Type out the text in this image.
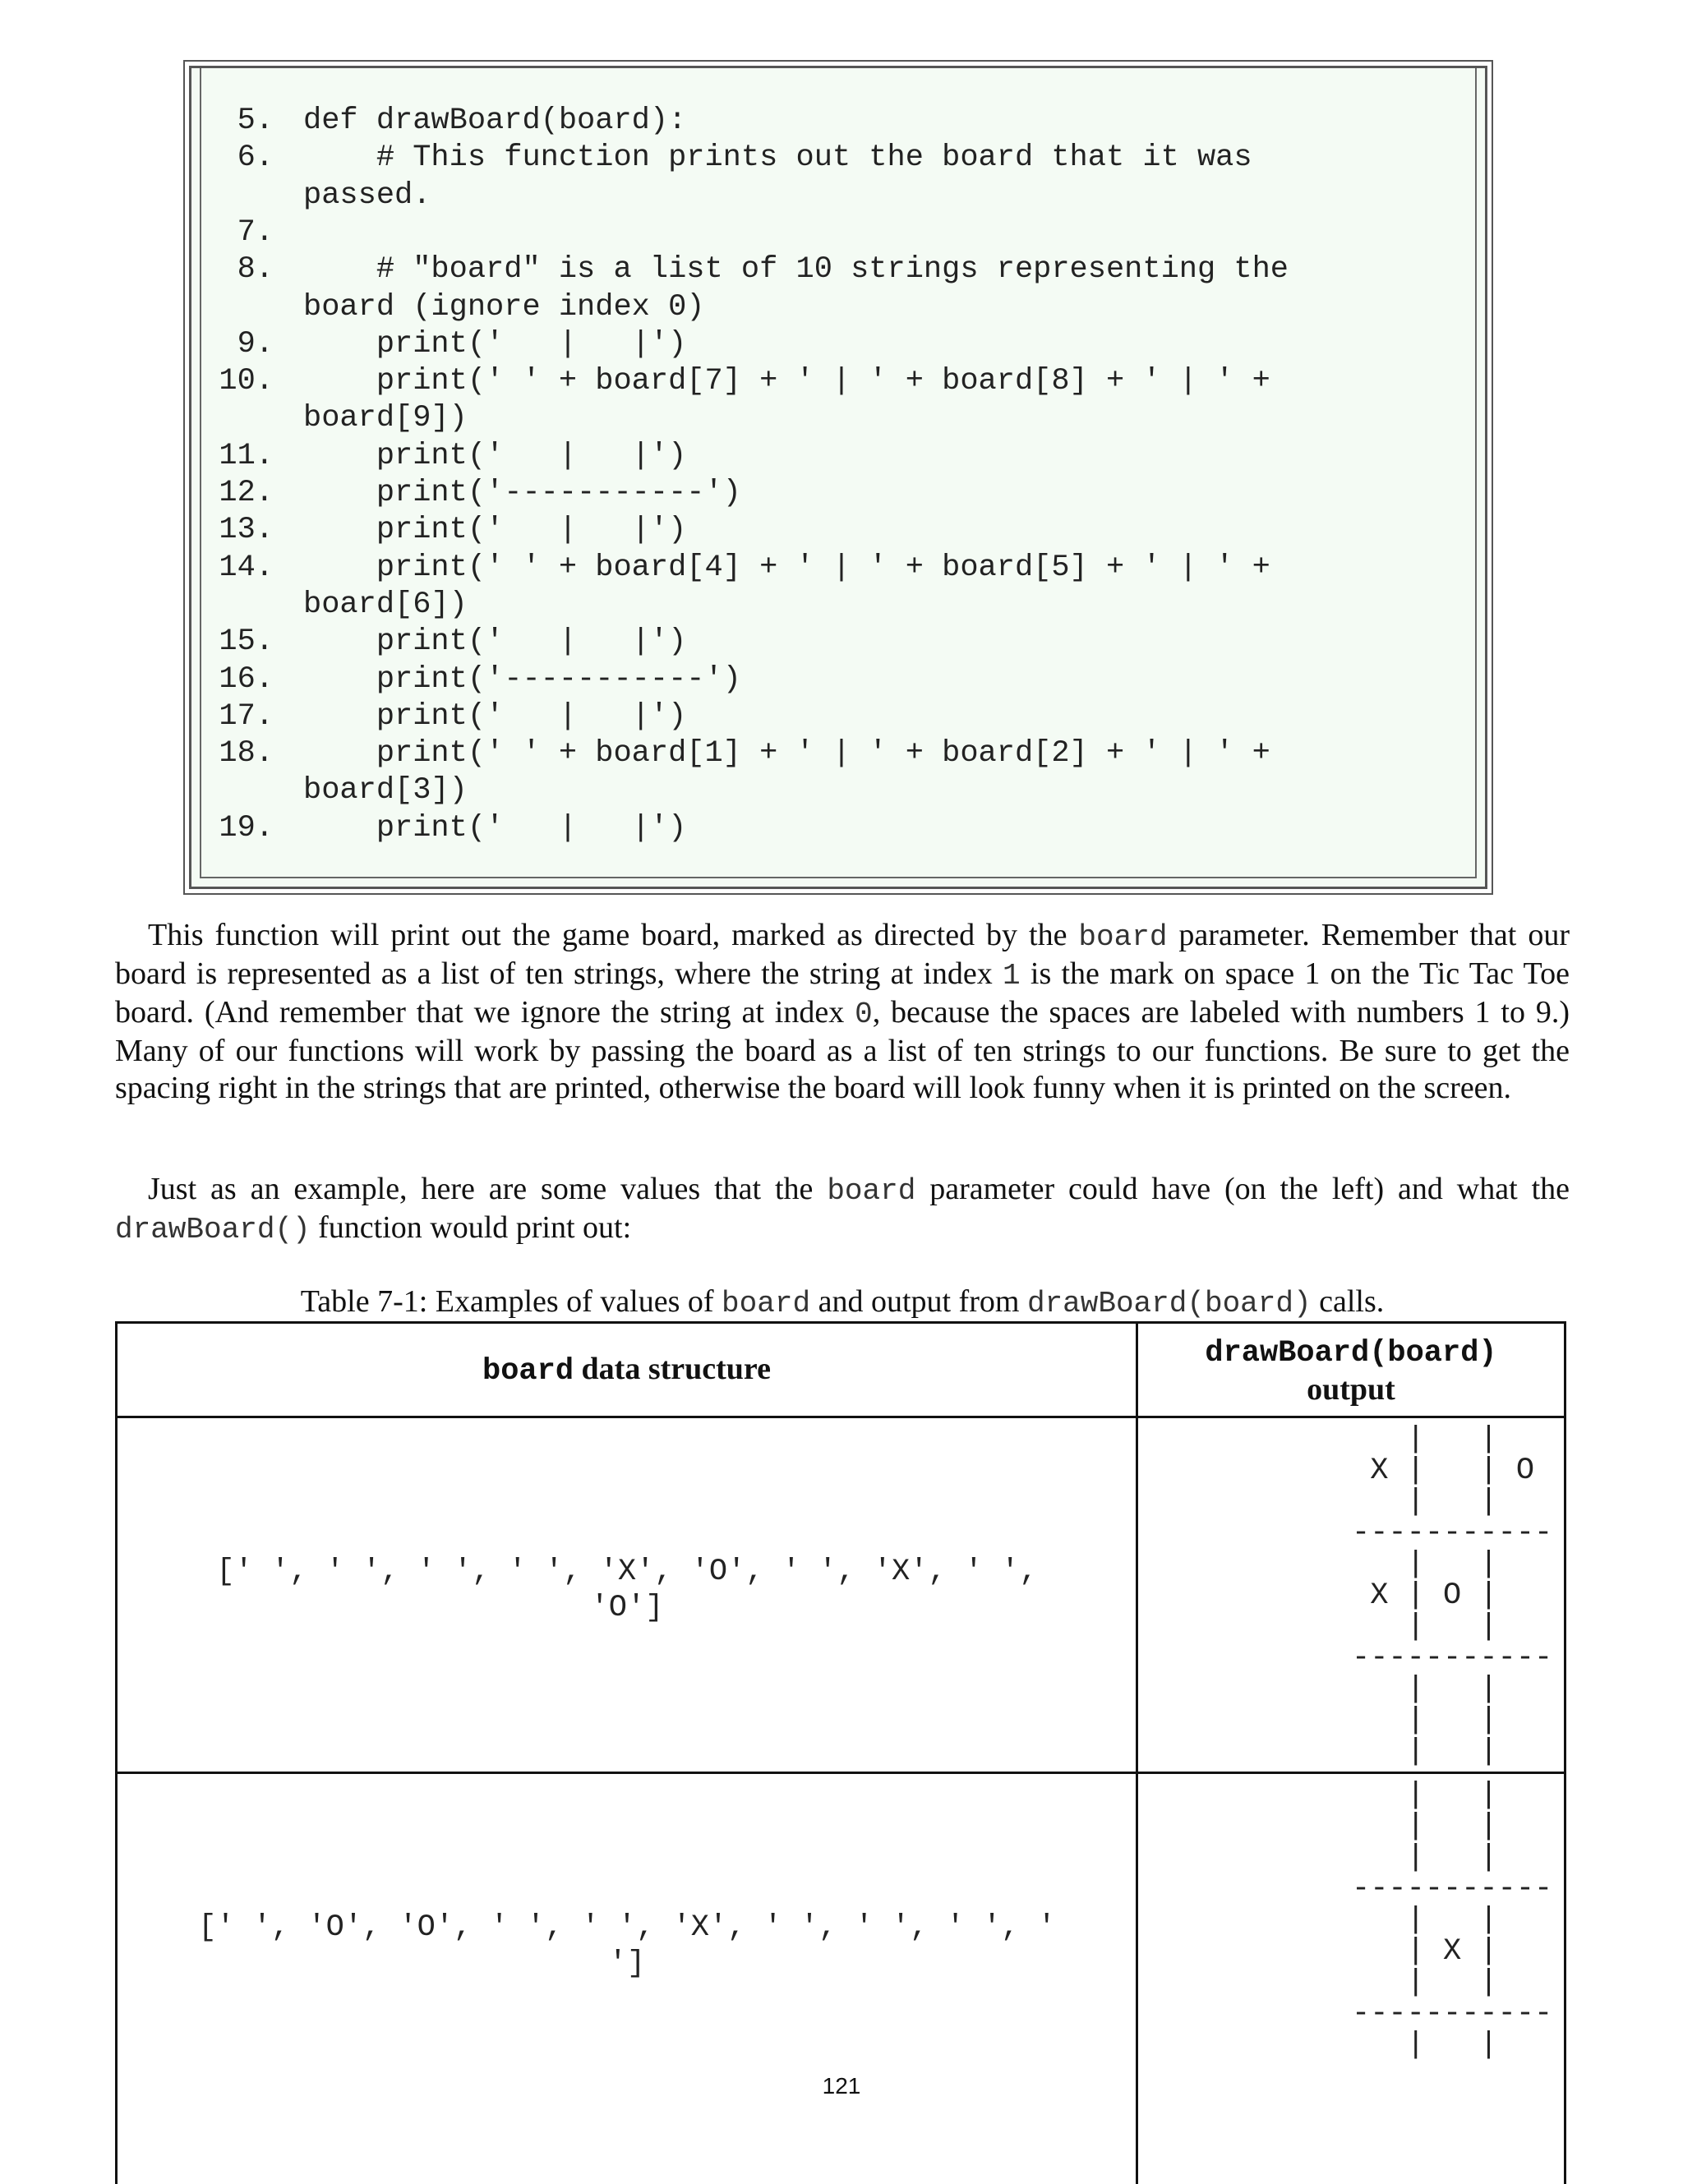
5. def drawBoard(board):
6. # This function prints out the board that it was
passed.
7.
8. # "board" is a list of 10 strings representing the
board (ignore index 0)
9. print('   |   |')
10. print(' ' + board[7] + ' | ' + board[8] + ' | ' +
board[9])
11. print('   |   |')
12. print('-----------')
13. print('   |   |')
14. print(' ' + board[4] + ' | ' + board[5] + ' | ' +
board[6])
15. print('   |   |')
16. print('-----------')
17. print('   |   |')
18. print(' ' + board[1] + ' | ' + board[2] + ' | ' +
board[3])
19. print('   |   |')
This function will print out the game board, marked as directed by the board parameter. Remember that our board is represented as a list of ten strings, where the string at index 1 is the mark on space 1 on the Tic Tac Toe board. (And remember that we ignore the string at index 0, because the spaces are labeled with numbers 1 to 9.) Many of our functions will work by passing the board as a list of ten strings to our functions. Be sure to get the spacing right in the strings that are printed, otherwise the board will look funny when it is printed on the screen.
Just as an example, here are some values that the board parameter could have (on the left) and what the drawBoard() function would print out:
Table 7-1: Examples of values of board and output from drawBoard(board) calls.
board data structure	drawBoard(board)
output
[' ', ' ', ' ', ' ', 'X', 'O', ' ', 'X', ' ',
'O']
|   |
X |   | O
|   |
-----------
|   |
X | O |
|   |
-----------
|   |
|   |
|   |
[' ', 'O', 'O', ' ', ' ', 'X', ' ', ' ', ' ', '
']
|   |
|   |
|   |
-----------
|   |
| X |
|   |
-----------
|   |
121
